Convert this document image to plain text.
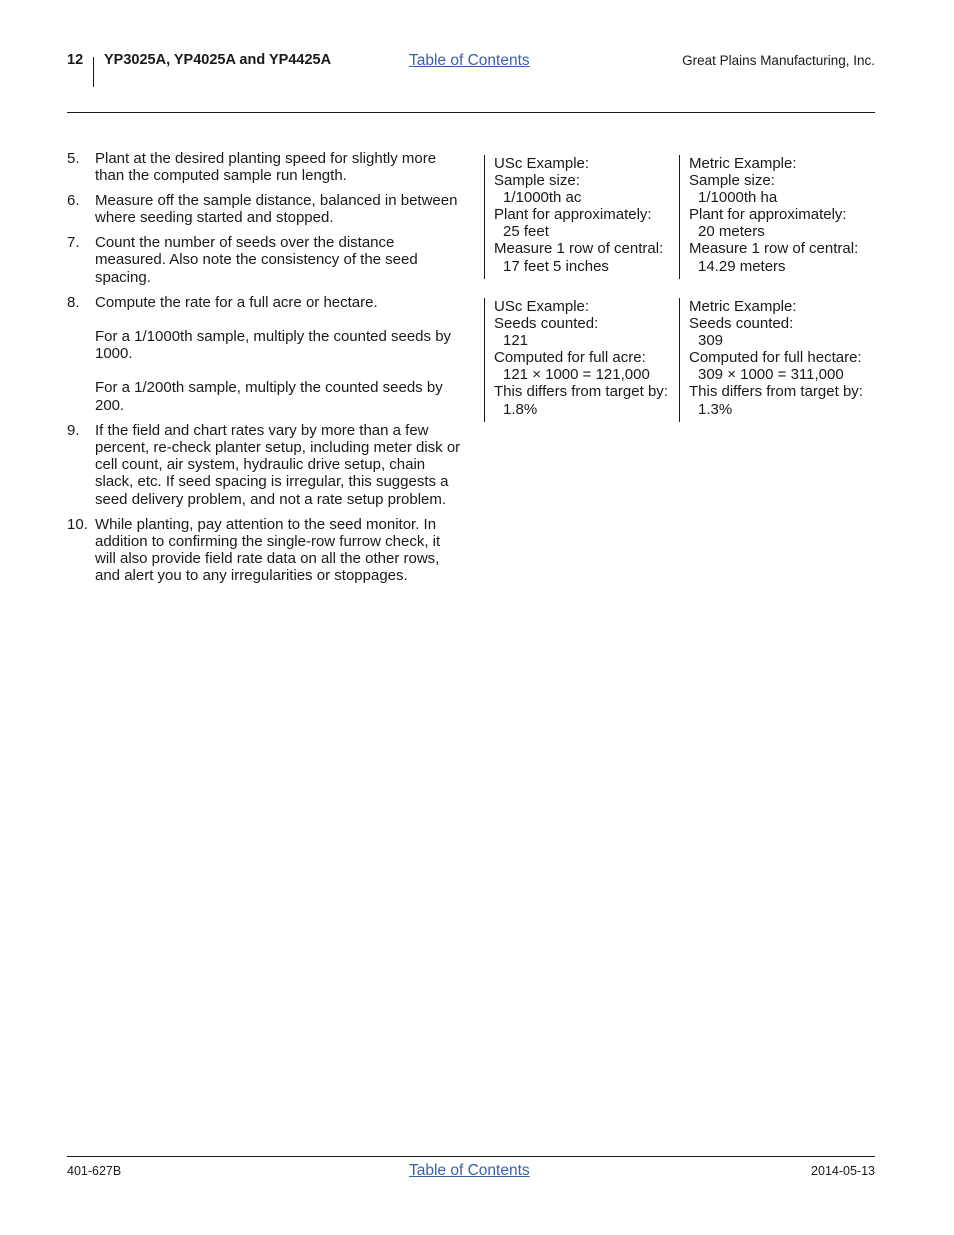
12 YP3025A, YP4025A and YP4425A	Table of Contents	Great Plains Manufacturing, Inc.
5. Plant at the desired planting speed for slightly more than the computed sample run length.

6. Measure off the sample distance, balanced in between where seeding started and stopped.

7. Count the number of seeds over the distance measured. Also note the consistency of the seed spacing.

8. Compute the rate for a full acre or hectare.

For a 1/1000th sample, multiply the counted seeds by 1000.

For a 1/200th sample, multiply the counted seeds by 200.

9. If the field and chart rates vary by more than a few percent, re-check planter setup, including meter disk or cell count, air system, hydraulic drive setup, chain slack, etc. If seed spacing is irregular, this suggests a seed delivery problem, and not a rate setup problem.

10. While planting, pay attention to the seed monitor. In addition to confirming the single-row furrow check, it will also provide field rate data on all the other rows, and alert you to any irregularities or stoppages.

USc Example:
Sample size:
1/1000th ac
Plant for approximately:
25 feet
Measure 1 row of central:
17 feet 5 inches
Metric Example:
Sample size:
1/1000th ha
Plant for approximately:
20 meters
Measure 1 row of central:
14.29 meters
USc Example:
Seeds counted:
121
Computed for full acre:
121 × 1000 = 121,000
This differs from target by:
1.8%
Metric Example:
Seeds counted:
309
Computed for full hectare:
309 × 1000 = 311,000
This differs from target by:
1.3%
401-627B	Table of Contents	2014-05-13
